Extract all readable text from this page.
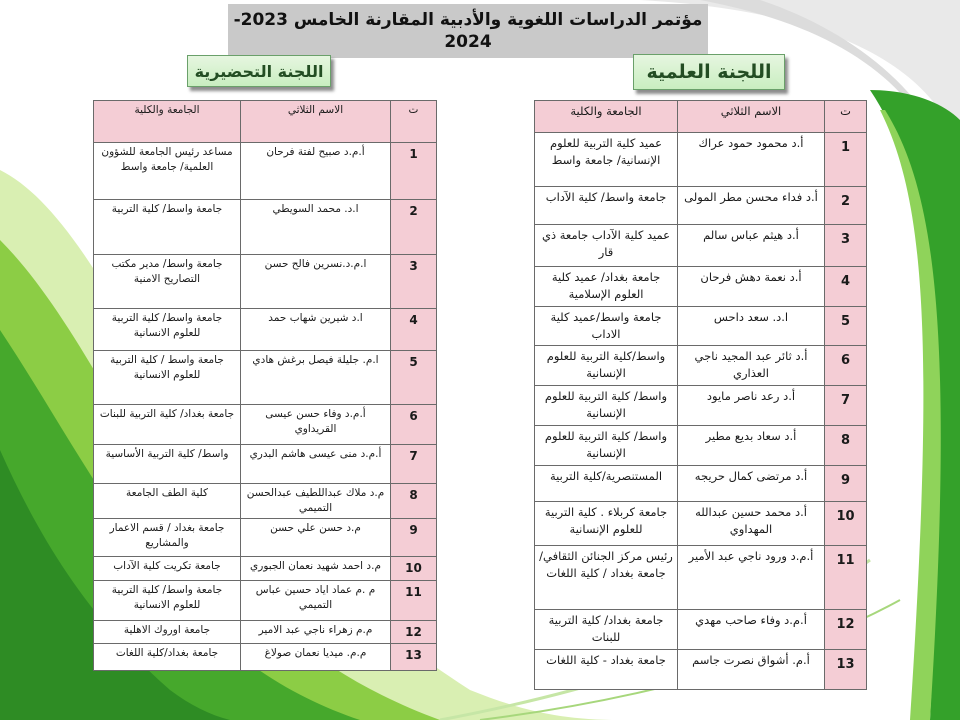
مؤتمر الدراسات اللغوية والأدبية المقارنة الخامس 2023-
2024
اللجنة التحضيرية	اللجنة العلمية
ت	الاسم الثلاثي	الجامعة والكلية
1	أ.م.د صبيح لفتة فرحان	مساعد رئيس الجامعة للشؤون العلمية/ جامعة واسط
2	ا.د. محمد السويطي	جامعة واسط/ كلية التربية
3	ا.م.د.نسرين فالح حسن	جامعة واسط/ مدير مكتب التصاريح الامنية
4	ا.د شيرين شهاب حمد	جامعة واسط/ كلية التربية للعلوم الانسانية
5	ا.م. جليلة فيصل برغش هادي	جامعة واسط / كلية التربية للعلوم الانسانية
6	أ.م.د وفاء حسن عيسى القريداوي	جامعة بغداد/ كلية التربية للبنات
7	أ.م.د منى عيسى هاشم البدري	واسط/ كلية التربية الأساسية
8	م.د ملاك عبداللطيف عبدالحسن التميمي	كلية الطف الجامعة
9	م.د حسن علي حسن	جامعة بغداد / قسم الاعمار والمشاريع
10	م.د احمد شهيد نعمان الجبوري	جامعة تكريت كلية الآداب
11	م .م عماد اياد حسين عباس التميمي	جامعة واسط/ كلية التربية للعلوم الانسانية
12	م.م زهراء ناجي عبد الامير	جامعة اوروك الاهلية
13	م.م. ميديا نعمان صولاغ	جامعة بغداد/كلية اللغات
ت	الاسم الثلاثي	الجامعة والكلية
1	أ.د محمود حمود عراك	عميد كلية التربية للعلوم الإنسانية/ جامعة واسط
2	أ.د فداء محسن مطر المولى	جامعة واسط/ كلية الآداب
3	أ.د هيثم عباس سالم	عميد كلية الآداب جامعة ذي قار
4	أ.د نعمة دهش فرحان	جامعة بغداد/ عميد كلية العلوم الإسلامية
5	ا.د. سعد داحس	جامعة واسط/عميد كلية الاداب
6	أ.د ثائر عبد المجيد ناجي العذاري	واسط/كلية التربية للعلوم الإنسانية
7	أ.د رعد ناصر مايود	واسط/ كلية التربية للعلوم الإنسانية
8	أ.د سعاد بديع مطير	واسط/ كلية التربية للعلوم الإنسانية
9	أ.د مرتضى كمال حريجه	المستنصرية/كلية التربية
10	أ.د محمد حسين عبدالله المهداوي	جامعة كربلاء . كلية التربية للعلوم الإنسانية
11	أ.م.د ورود ناجي عبد الأمير	رئيس مركز الجنائن الثقافي/ جامعة بغداد / كلية اللغات
12	أ.م.د وفاء صاحب مهدي	جامعة بغداد/ كلية التربية للبنات
13	أ.م. أشواق نصرت جاسم	جامعة بغداد - كلية اللغات
